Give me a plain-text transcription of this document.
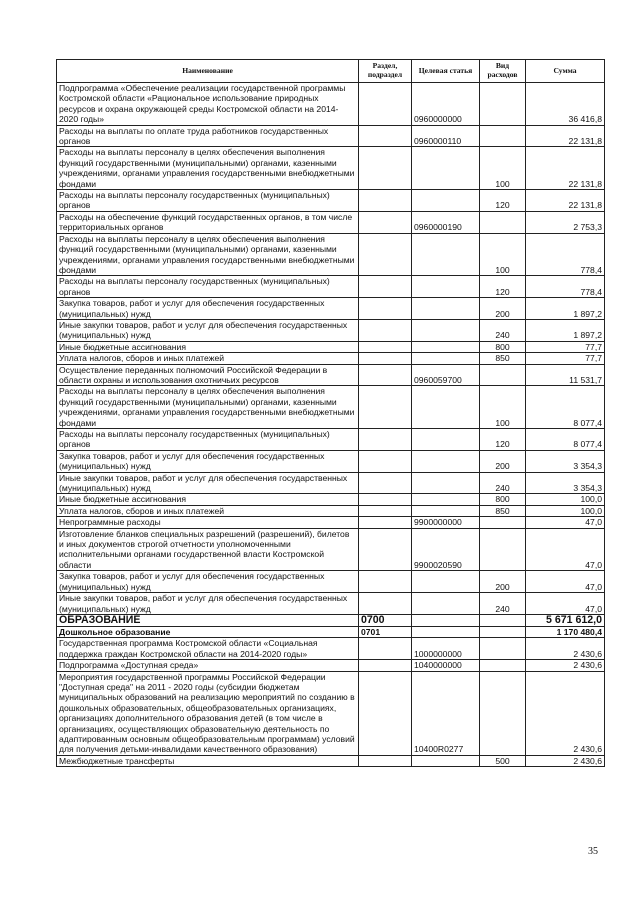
Наименование	Раздел, подраздел	Целевая статья	Вид расходов	Сумма
Подпрограмма «Обеспечение реализации государственной программы Костромской области «Рациональное использование природных ресурсов и охрана окружающей среды Костромской области на 2014-2020 годы»		0960000000		36 416,8
Расходы на выплаты по оплате труда работников государственных органов		0960000110		22 131,8
Расходы на выплаты персоналу в целях обеспечения выполнения функций государственными (муниципальными) органами, казенными учреждениями, органами управления государственными внебюджетными фондами			100	22 131,8
Расходы на выплаты персоналу государственных (муниципальных) органов			120	22 131,8
Расходы на обеспечение функций государственных органов, в том числе территориальных органов		0960000190		2 753,3
Расходы на выплаты персоналу в целях обеспечения выполнения функций государственными (муниципальными) органами, казенными учреждениями, органами управления государственными внебюджетными фондами			100	778,4
Расходы на выплаты персоналу государственных (муниципальных) органов			120	778,4
Закупка товаров, работ и услуг для обеспечения государственных (муниципальных) нужд			200	1 897,2
Иные закупки товаров, работ и услуг для обеспечения государственных (муниципальных) нужд			240	1 897,2
Иные бюджетные ассигнования			800	77,7
Уплата налогов, сборов и иных платежей			850	77,7
Осуществление переданных полномочий Российской Федерации в области охраны и использования охотничьих ресурсов		0960059700		11 531,7
Расходы на выплаты персоналу в целях обеспечения выполнения функций государственными (муниципальными) органами, казенными учреждениями, органами управления государственными внебюджетными фондами			100	8 077,4
Расходы на выплаты персоналу государственных (муниципальных) органов			120	8 077,4
Закупка товаров, работ и услуг для обеспечения государственных (муниципальных) нужд			200	3 354,3
Иные закупки товаров, работ и услуг для обеспечения государственных (муниципальных) нужд			240	3 354,3
Иные бюджетные ассигнования			800	100,0
Уплата налогов, сборов и иных платежей			850	100,0
Непрограммные расходы		9900000000		47,0
Изготовление бланков специальных разрешений (разрешений), билетов и иных документов строгой отчетности уполномоченными исполнительными органами государственной власти Костромской области		9900020590		47,0
Закупка товаров, работ и услуг для обеспечения государственных (муниципальных) нужд			200	47,0
Иные закупки товаров, работ и услуг для обеспечения государственных (муниципальных) нужд			240	47,0
ОБРАЗОВАНИЕ	0700			5 671 612,0
Дошкольное образование	0701			1 170 480,4
Государственная программа Костромской области «Социальная поддержка граждан Костромской области на 2014-2020 годы»		1000000000		2 430,6
Подпрограмма «Доступная среда»		1040000000		2 430,6
Мероприятия государственной программы Российской Федерации "Доступная среда" на 2011 - 2020 годы (субсидии бюджетам муниципальных образований на реализацию мероприятий по созданию в дошкольных образовательных, общеобразовательных организациях, организациях дополнительного образования детей (в том числе в организациях, осуществляющих образовательную деятельность по адаптированным основным общеобразовательным программам) условий для получения детьми-инвалидами качественного образования)		10400R0277		2 430,6
Межбюджетные трансферты			500	2 430,6
35
